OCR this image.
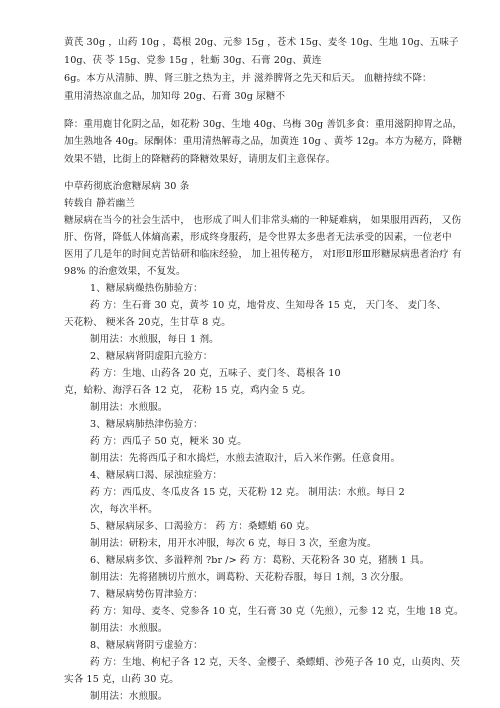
黄芪 30g ，山药 10g ，葛根 20g、元参 15g ，苍术 15g、麦冬 10g、生地 10g、五味子
10g、茯 苓 15g、党参 15g ，牡蛎 30g、石膏 20g、黄连
6g。本方从清肺、脾、肾三脏之热为主，并 滋养脾肾之先天和后天。 血糖持续不降：
重用清热凉血之品，加知母 20g、石膏 30g 尿糖不
降：重用鹿甘化阴之品，如花粉 30g、生地 40g、乌梅 30g 善饥多食：重用滋阴抑胃之品，
加生熟地各 40g。尿酮体：重用清热解毒之品，加黄连 10g 、黄芩 12g。本方为秘方，降糖
效果不错，比街上的降糖药的降糖效果好，请朋友们主意保存。
中草药彻底治愈糖尿病 30 条
转载自 静若幽兰
糖尿病在当今的社会生活中， 也形成了叫人们非常头痛的一种疑难病， 如果服用西药， 又伤
肝、伤肾，降低人体熵高素，形成终身服药，是令世界太多患者无法承受的因素，一位老中
医用了几是年的时间克苦钻研和临床经验， 加上祖传秘方， 对Ⅰ形Ⅱ形Ⅲ形糖尿病患者治疗 有
98% 的治愈效果，不复发。
1、糖尿病燥热伤肺验方：
药 方：生石膏 30 克，黄芩 10 克，地骨皮、生知母各 15 克， 天门冬、 麦门冬、
天花粉、 粳米各 20克，生甘草 8 克。
制用法：水煎服，每日 1 剂。
2、糖尿病肾阴虚阳亢验方：
药 方：生地、山药各 20 克，五味子、麦门冬、葛根各 10
克，蛤粉、海浮石各 12 克， 花粉 15 克，鸡内金 5 克。
制用法：水煎服。
3、糖尿病肺热津伤验方：
药 方：西瓜子 50 克，粳米 30 克。
制用法：先将西瓜子和水捣烂，水煎去渣取汁，后入米作粥。任意食用。
4、糖尿病口渴、尿浊症验方：
药 方：西瓜皮、冬瓜皮各 15 克，天花粉 12 克。 制用法：水煎。每日 2
次，每次半杯。
5、糖尿病尿多、口渴验方： 药 方：桑螵蛸 60 克。
制用法：研粉末，用开水冲服，每次 6 克，每日 3 次，至愈为度。
6、糖尿病多饮、多溢粹剂 ?br /> 药 方：葛粉、天花粉各 30 克，猪胰 1 具。
制用法：先将猪胰切片煎水，调葛粉、天花粉吞服，每日 1剂，3 次分服。
7、糖尿病势伤胃津验方：
药 方：知母、麦冬、党参各 10 克，生石膏 30 克（先煎），元参 12 克，生地 18 克。
制用法：水煎服。
8、糖尿病肾阴亏虚验方：
药 方：生地、枸杞子各 12 克，天冬、金樱子、桑螵蛸、沙苑子各 10 克，山萸肉、芡
实各 15 克，山药 30 克。
制用法：水煎服。
